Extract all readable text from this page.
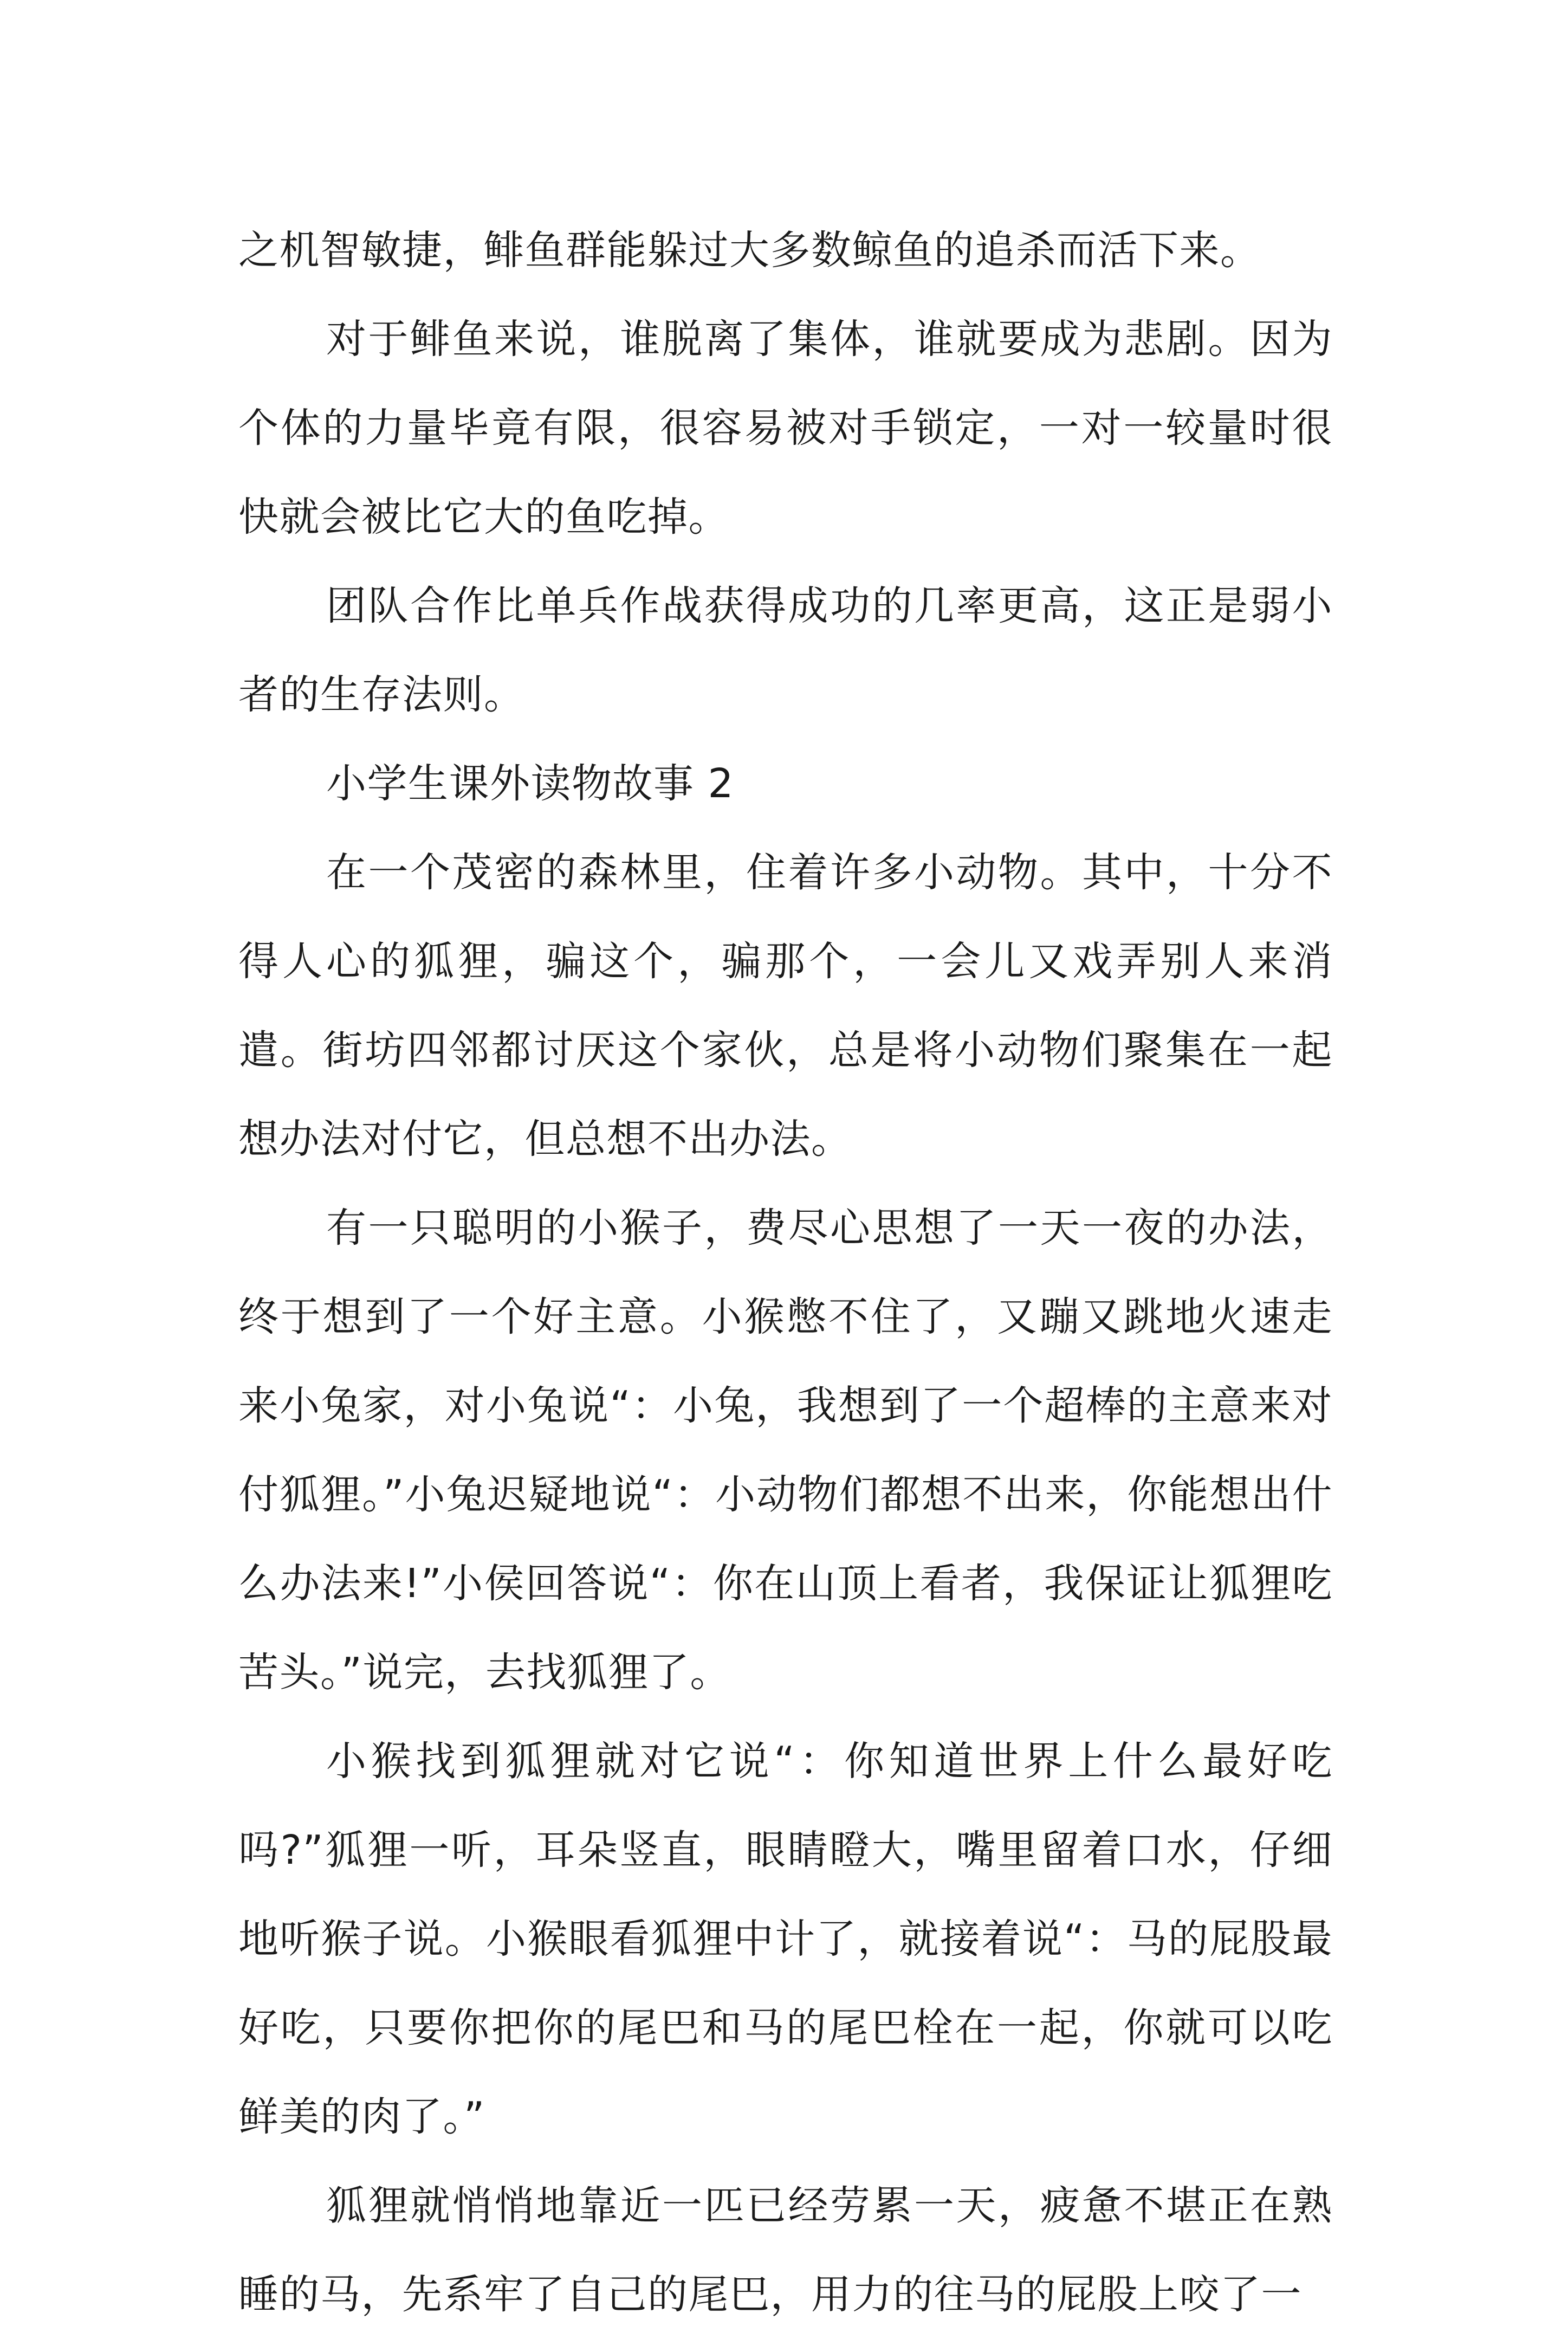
之机智敏捷，鲱鱼群能躲过大多数鲸鱼的追杀而活下来。

对于鲱鱼来说，谁脱离了集体，谁就要成为悲剧。因为个体的力量毕竟有限，很容易被对手锁定，一对一较量时很快就会被比它大的鱼吃掉。

团队合作比单兵作战获得成功的几率更高，这正是弱小者的生存法则。

小学生课外读物故事 2

在一个茂密的森林里，住着许多小动物。其中，十分不得人心的狐狸，骗这个，骗那个，一会儿又戏弄别人来消遣。街坊四邻都讨厌这个家伙，总是将小动物们聚集在一起想办法对付它，但总想不出办法。

有一只聪明的小猴子，费尽心思想了一天一夜的办法，终于想到了一个好主意。小猴憋不住了，又蹦又跳地火速走来小兔家，对小兔说“：小兔，我想到了一个超棒的主意来对付狐狸。”小兔迟疑地说“：小动物们都想不出来，你能想出什么办法来!”小侯回答说“：你在山顶上看者，我保证让狐狸吃苦头。”说完，去找狐狸了。

小猴找到狐狸就对它说“：你知道世界上什么最好吃吗?”狐狸一听，耳朵竖直，眼睛瞪大，嘴里留着口水，仔细地听猴子说。小猴眼看狐狸中计了，就接着说“：马的屁股最好吃，只要你把你的尾巴和马的尾巴栓在一起，你就可以吃鲜美的肉了。”

狐狸就悄悄地靠近一匹已经劳累一天，疲惫不堪正在熟睡的马，先系牢了自己的尾巴，用力的往马的屁股上咬了一
